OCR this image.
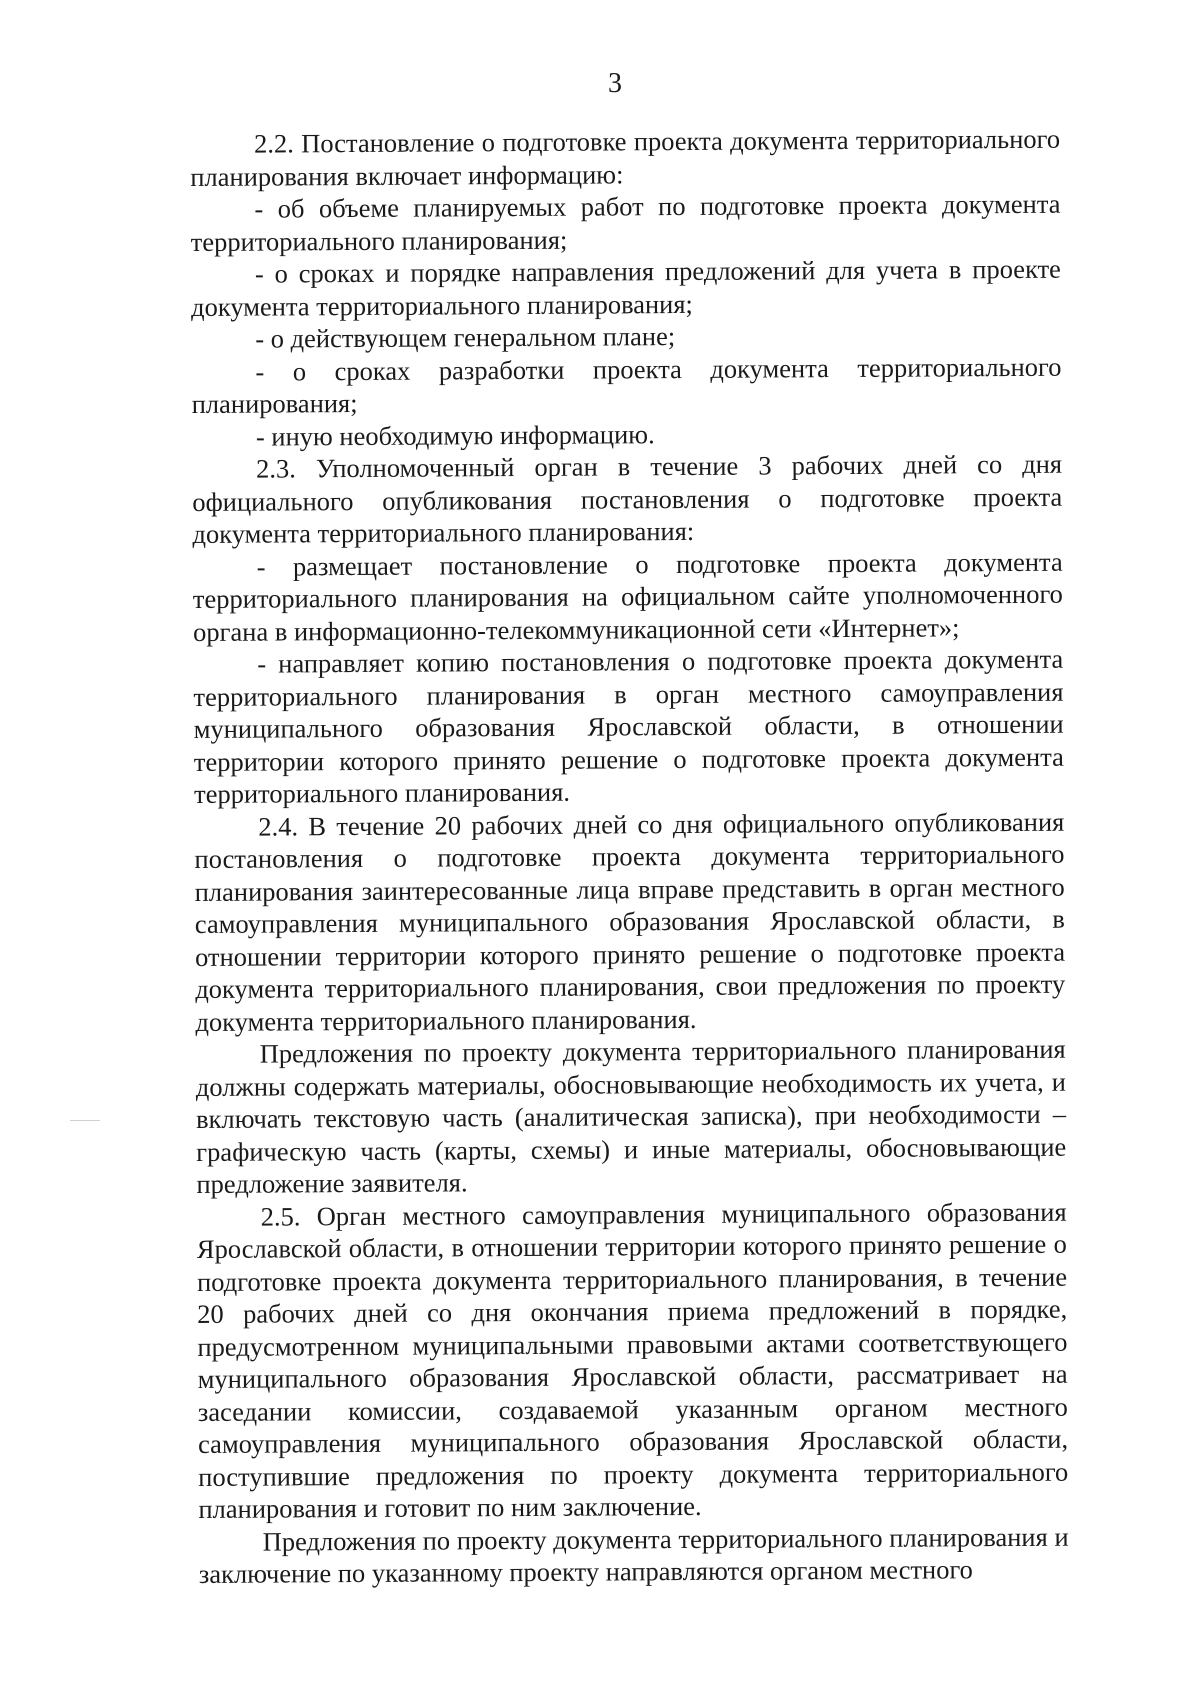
3

2.2. Постановление о подготовке проекта документа территориального планирования включает информацию:

- об объеме планируемых работ по подготовке проекта документа территориального планирования;

- о сроках и порядке направления предложений для учета в проекте документа территориального планирования;

- о действующем генеральном плане;

- о сроках разработки проекта документа территориального планирования;

- иную необходимую информацию.

2.3. Уполномоченный орган в течение 3 рабочих дней со дня официального опубликования постановления о подготовке проекта документа территориального планирования:

- размещает постановление о подготовке проекта документа территориального планирования на официальном сайте уполномоченного органа в информационно-телекоммуникационной сети «Интернет»;

- направляет копию постановления о подготовке проекта документа территориального планирования в орган местного самоуправления муниципального образования Ярославской области, в отношении территории которого принято решение о подготовке проекта документа территориального планирования.

2.4. В течение 20 рабочих дней со дня официального опубликования постановления о подготовке проекта документа территориального планирования заинтересованные лица вправе представить в орган местного самоуправления муниципального образования Ярославской области, в отношении территории которого принято решение о подготовке проекта документа территориального планирования, свои предложения по проекту документа территориального планирования.

Предложения по проекту документа территориального планирования должны содержать материалы, обосновывающие необходимость их учета, и включать текстовую часть (аналитическая записка), при необходимости – графическую часть (карты, схемы) и иные материалы, обосновывающие предложение заявителя.

2.5. Орган местного самоуправления муниципального образования Ярославской области, в отношении территории которого принято решение о подготовке проекта документа территориального планирования, в течение 20 рабочих дней со дня окончания приема предложений в порядке, предусмотренном муниципальными правовыми актами соответствующего муниципального образования Ярославской области, рассматривает на заседании комиссии, создаваемой указанным органом местного самоуправления муниципального образования Ярославской области, поступившие предложения по проекту документа территориального планирования и готовит по ним заключение.

Предложения по проекту документа территориального планирования и заключение по указанному проекту направляются органом местного
